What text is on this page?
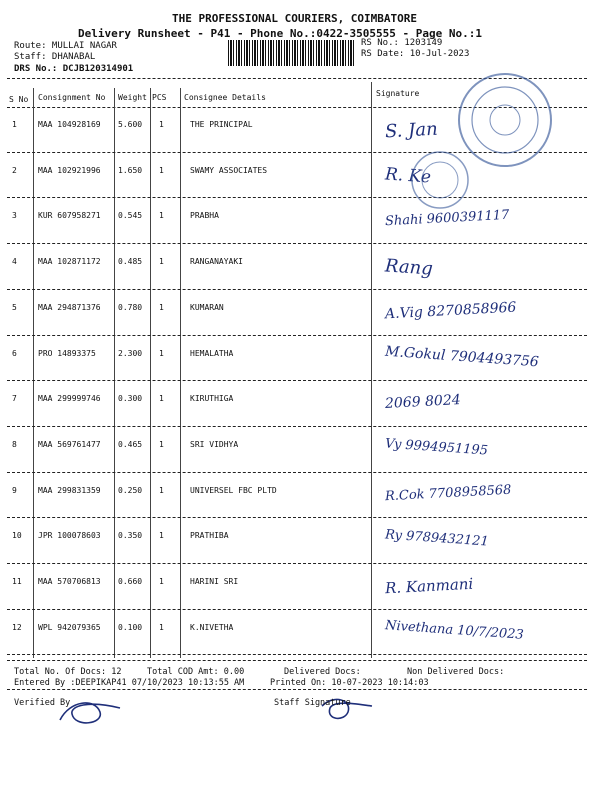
THE PROFESSIONAL COURIERS, COIMBATORE
Delivery Runsheet - P41 - Phone No.:0422-3505555 - Page No.:1
Route: MULLAI NAGAR
Staff: DHANABAL
DRS No.: DCJB120314901
RS No.: 1203149
RS Date: 10-Jul-2023
S No Consignment No Weight PCS Consignee Details	Signature
1	MAA 104928169 5.600 1	THE PRINCIPAL	S. Jan
2	MAA 102921996 1.650 1	SWAMY ASSOCIATES	R. Ke
3	KUR 607958271 0.545 1	PRABHA	Shahi 9600391117
4	MAA 102871172 0.485 1	RANGANAYAKI	Rang
5	MAA 294871376 0.780 1	KUMARAN	A.Vig 8270858966
6	PRO 14893375	2.300 1	HEMALATHA	M.Gokul 7904493756
7	MAA 299999746 0.300 1	KIRUTHIGA	2069 8024
8	MAA 569761477 0.465 1	SRI VIDHYA	Vy 9994951195
9	MAA 299831359 0.250 1	UNIVERSEL FBC PLTD	R.Cok 7708958568
10 JPR 100078603 0.350 1	PRATHIBA	Ry 9789432121
11 MAA 570706813 0.660 1	HARINI SRI	R. Kanmani
12 WPL 942079365 0.100 1	K.NIVETHA	Nivethana 10/7/2023
Total No. Of Docs: 12	Total COD Amt: 0.00	Delivered Docs:	Non Delivered Docs:
Entered By :DEEPIKAP41 07/10/2023 10:13:55 AM	Printed On: 10-07-2023 10:14:03
Verified By	Staff Signature
